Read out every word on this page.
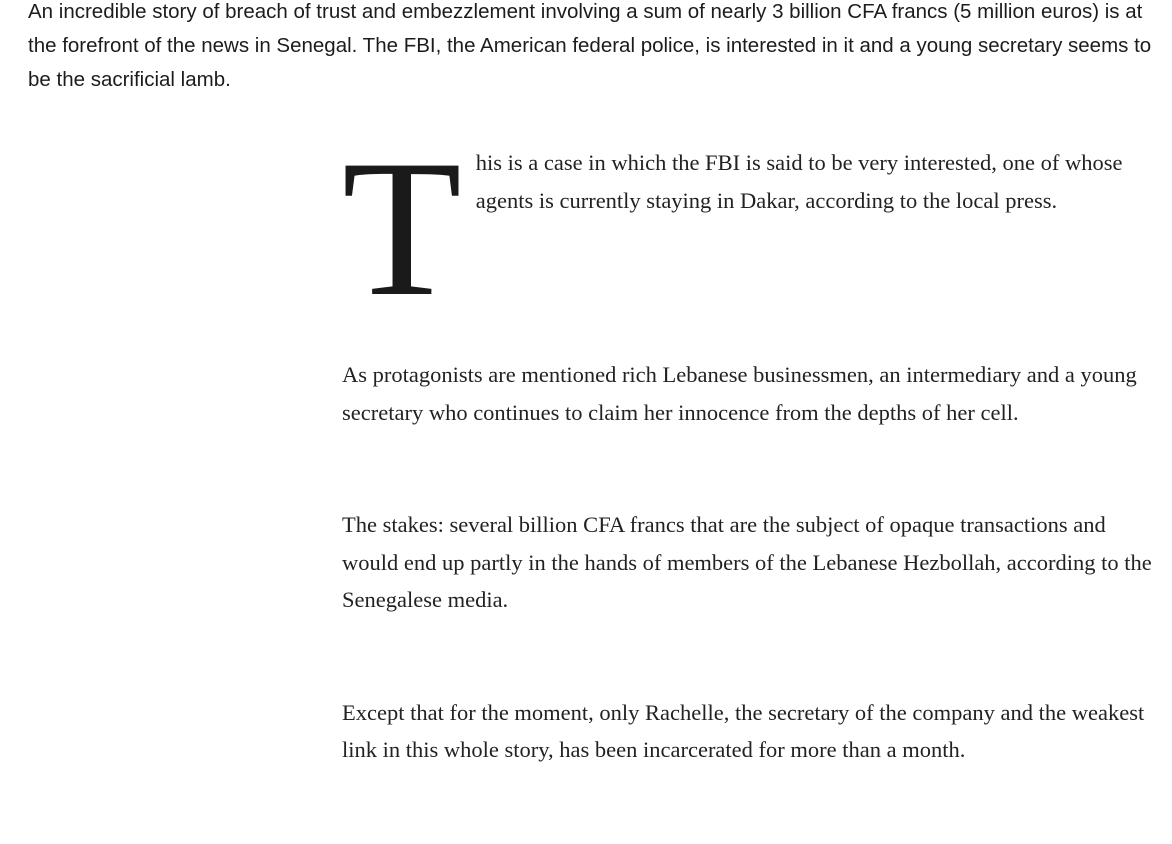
An incredible story of breach of trust and embezzlement involving a sum of nearly 3 billion CFA francs (5 million euros) is at the forefront of the news in Senegal. The FBI, the American federal police, is interested in it and a young secretary seems to be the sacrificial lamb.

T his is a case in which the FBI is said to be very interested, one of whose agents is currently staying in Dakar, according to the local press.

As protagonists are mentioned rich Lebanese businessmen, an intermediary and a young secretary who continues to claim her innocence from the depths of her cell.

The stakes: several billion CFA francs that are the subject of opaque transactions and would end up partly in the hands of members of the Lebanese Hezbollah, according to the Senegalese media.

Except that for the moment, only Rachelle, the secretary of the company and the weakest link in this whole story, has been incarcerated for more than a month.
